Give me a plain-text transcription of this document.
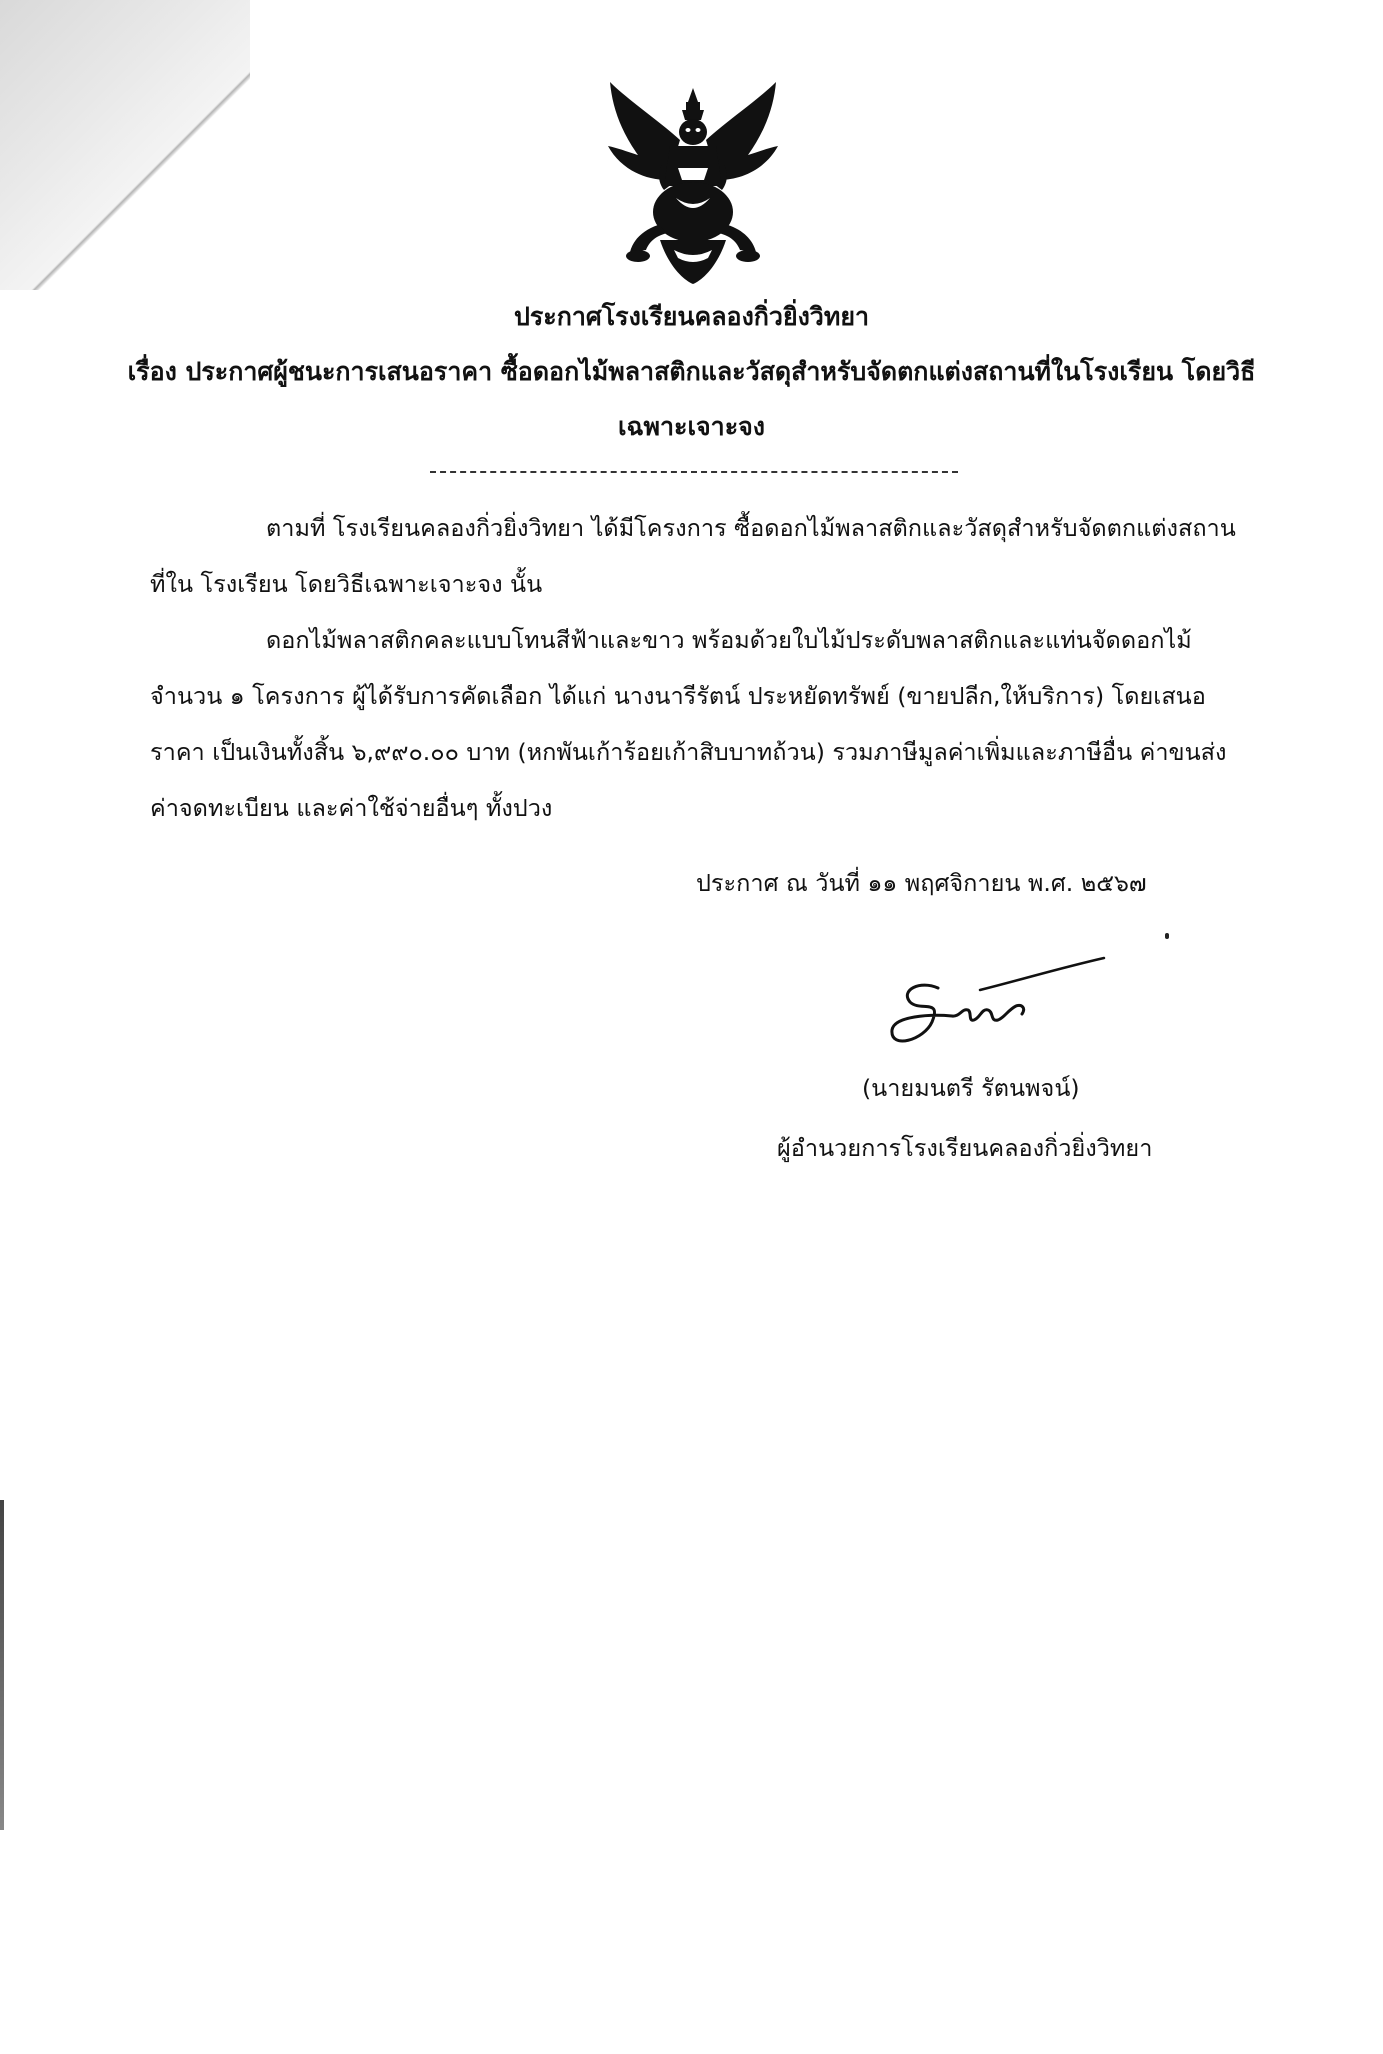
ประกาศโรงเรียนคลองกิ่วยิ่งวิทยา
เรื่อง ประกาศผู้ชนะการเสนอราคา ซื้อดอกไม้พลาสติกและวัสดุสำหรับจัดตกแต่งสถานที่ในโรงเรียน โดยวิธี
เฉพาะเจาะจง
ตามที่ โรงเรียนคลองกิ่วยิ่งวิทยา ได้มีโครงการ ซื้อดอกไม้พลาสติกและวัสดุสำหรับจัดตกแต่งสถานที่ใน โรงเรียน โดยวิธีเฉพาะเจาะจง นั้น
ดอกไม้พลาสติกคละแบบโทนสีฟ้าและขาว พร้อมด้วยใบไม้ประดับพลาสติกและแท่นจัดดอกไม้ จำนวน ๑ โครงการ ผู้ได้รับการคัดเลือก ได้แก่ นางนารีรัตน์ ประหยัดทรัพย์ (ขายปลีก,ให้บริการ) โดยเสนอราคา เป็นเงินทั้งสิ้น ๖,๙๙๐.๐๐ บาท (หกพันเก้าร้อยเก้าสิบบาทถ้วน) รวมภาษีมูลค่าเพิ่มและภาษีอื่น ค่าขนส่ง ค่าจดทะเบียน และค่าใช้จ่ายอื่นๆ ทั้งปวง
ประกาศ ณ วันที่ ๑๑ พฤศจิกายน พ.ศ. ๒๕๖๗
(นายมนตรี รัตนพจน์)
ผู้อำนวยการโรงเรียนคลองกิ่วยิ่งวิทยา
